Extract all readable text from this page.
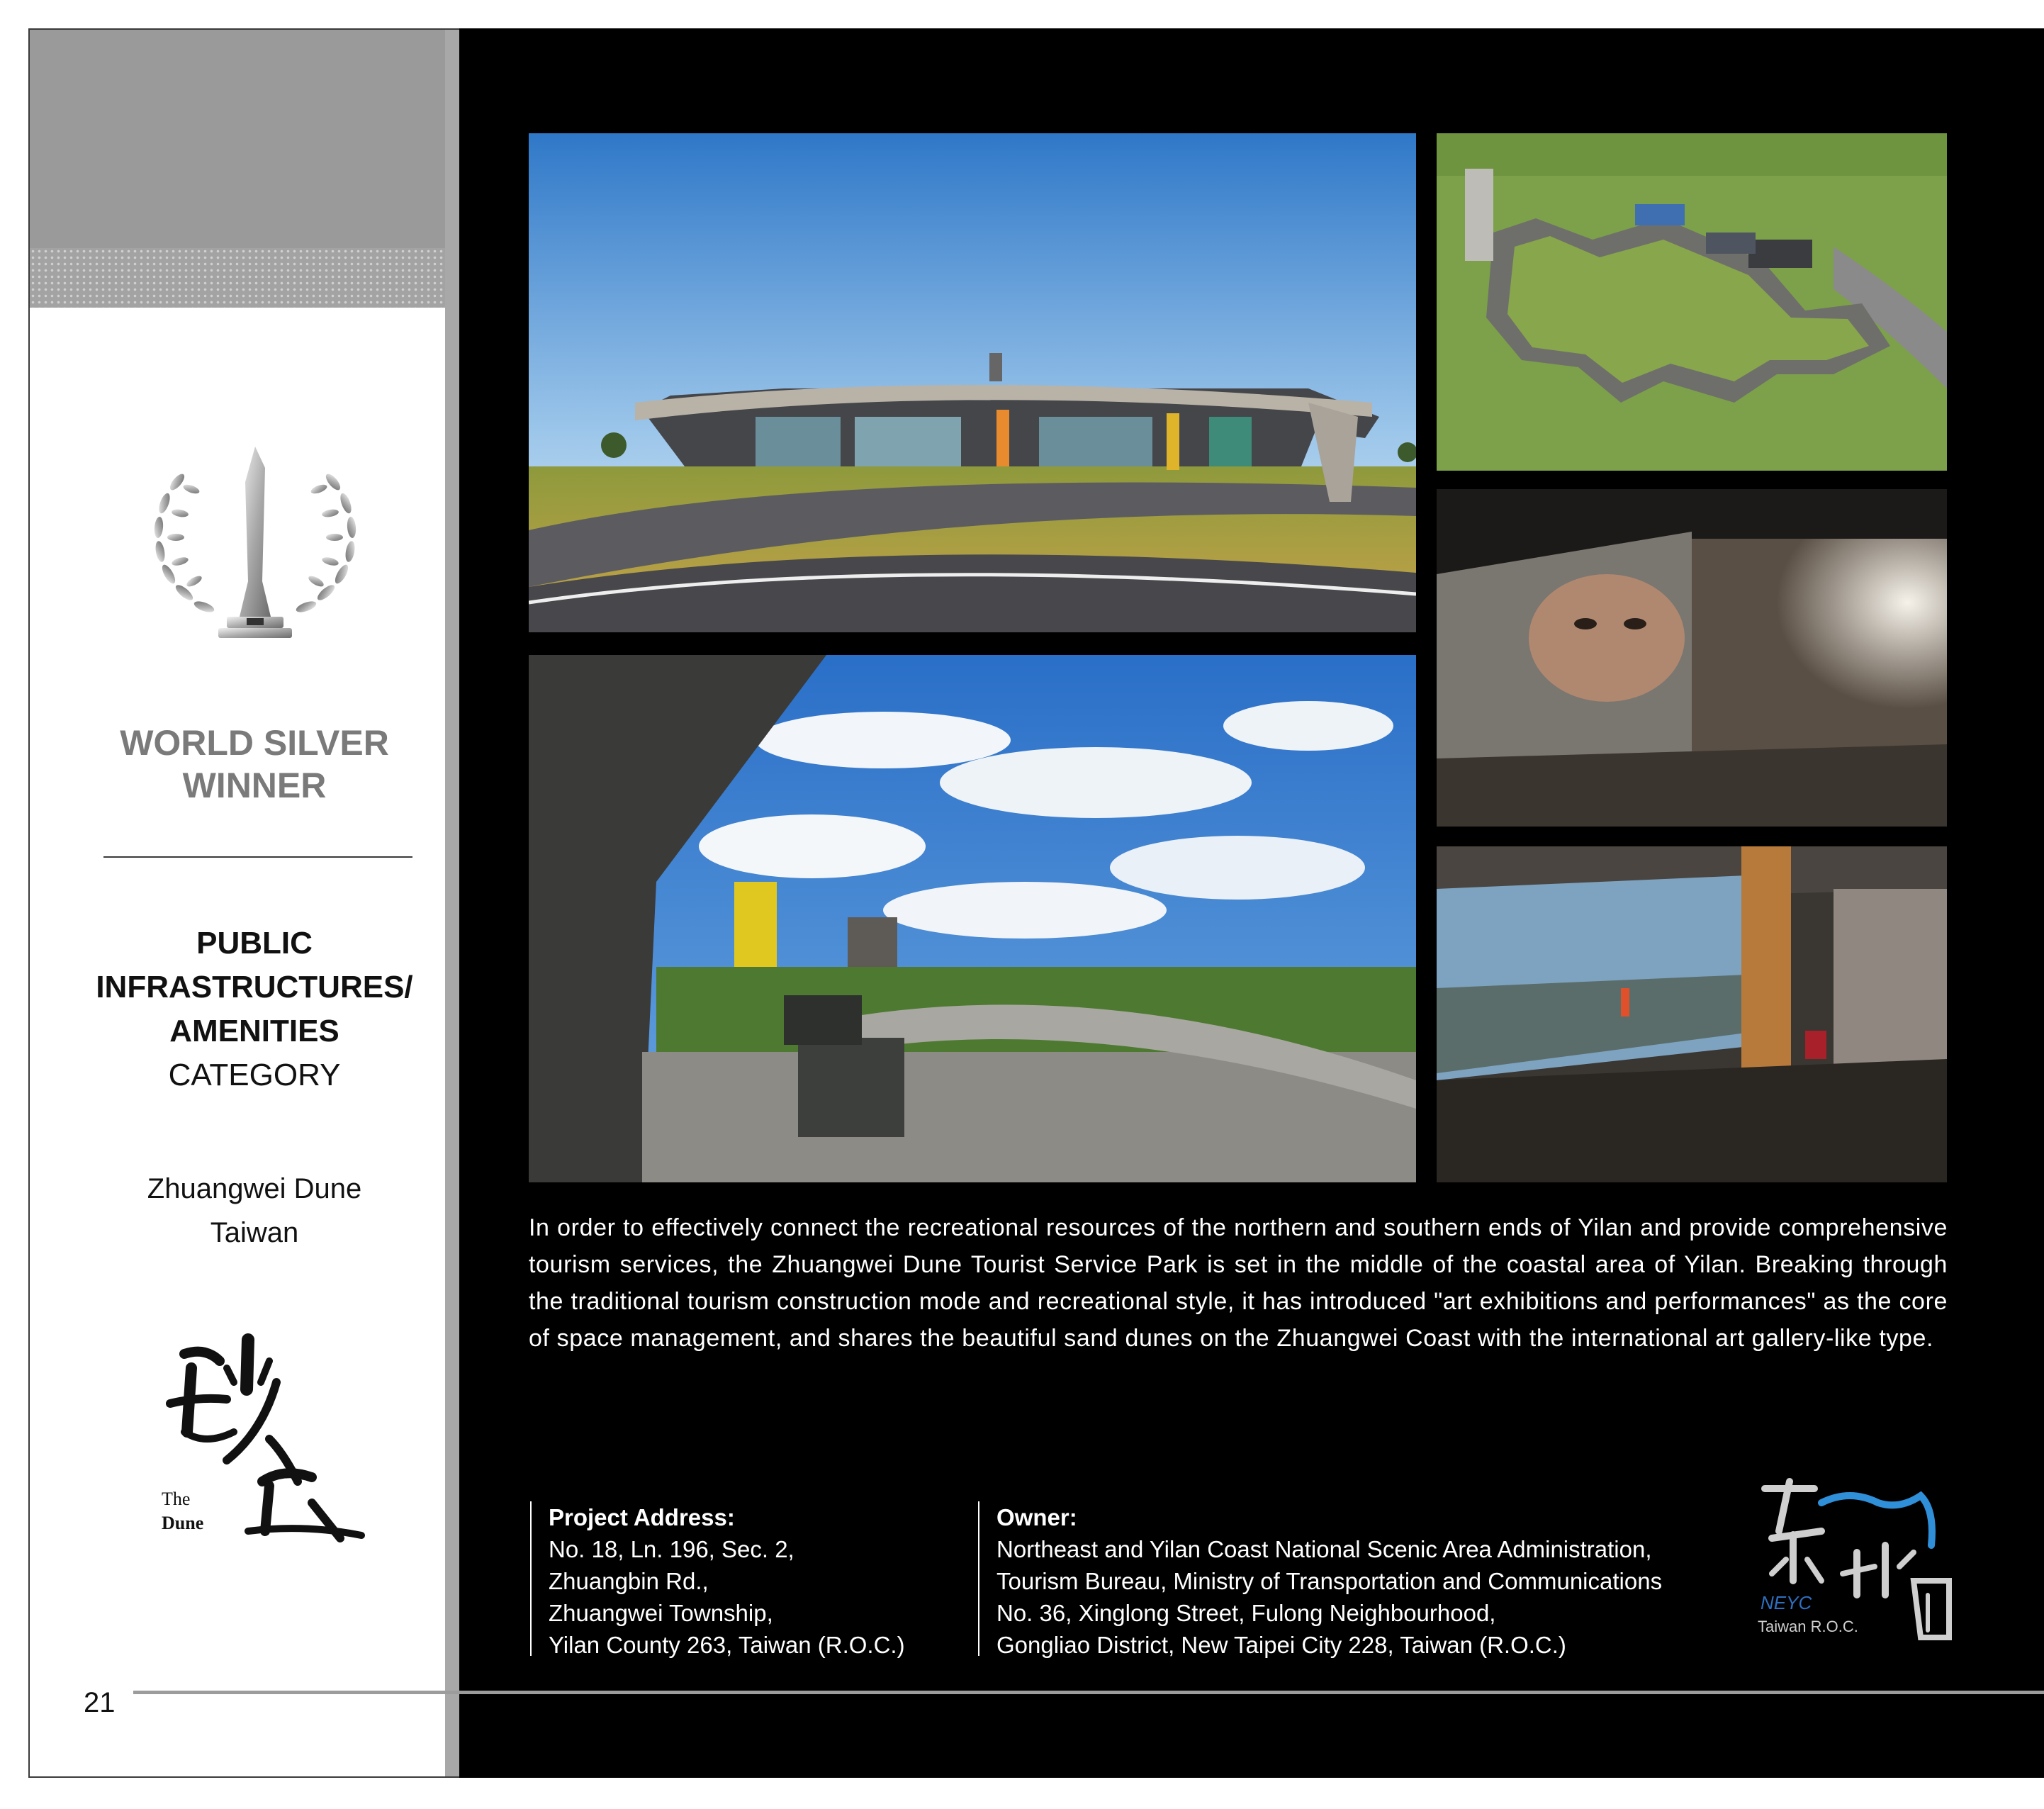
WORLD SILVER
WINNER
PUBLIC
INFRASTRUCTURES/
AMENITIES
CATEGORY
Zhuangwei Dune
Taiwan
The
Dune
21
In order to effectively connect the recreational resources of the northern and southern ends of Yilan and provide comprehensive tourism services, the Zhuangwei Dune Tourist Service Park is set in the middle of the coastal area of Yilan. Breaking through the traditional tourism construction mode and recreational style, it has introduced "art exhibitions and performances" as the core of space management, and shares the beautiful sand dunes on the Zhuangwei Coast with the international art gallery-like type.
Project Address:
No. 18, Ln. 196, Sec. 2,
Zhuangbin Rd.,
Zhuangwei Township,
Yilan County 263, Taiwan (R.O.C.)
Owner:
Northeast and Yilan Coast National Scenic Area Administration,
Tourism Bureau, Ministry of Transportation and Communications
No. 36, Xinglong Street, Fulong Neighbourhood,
Gongliao District, New Taipei City 228, Taiwan (R.O.C.)
NEYC
Taiwan R.O.C.
